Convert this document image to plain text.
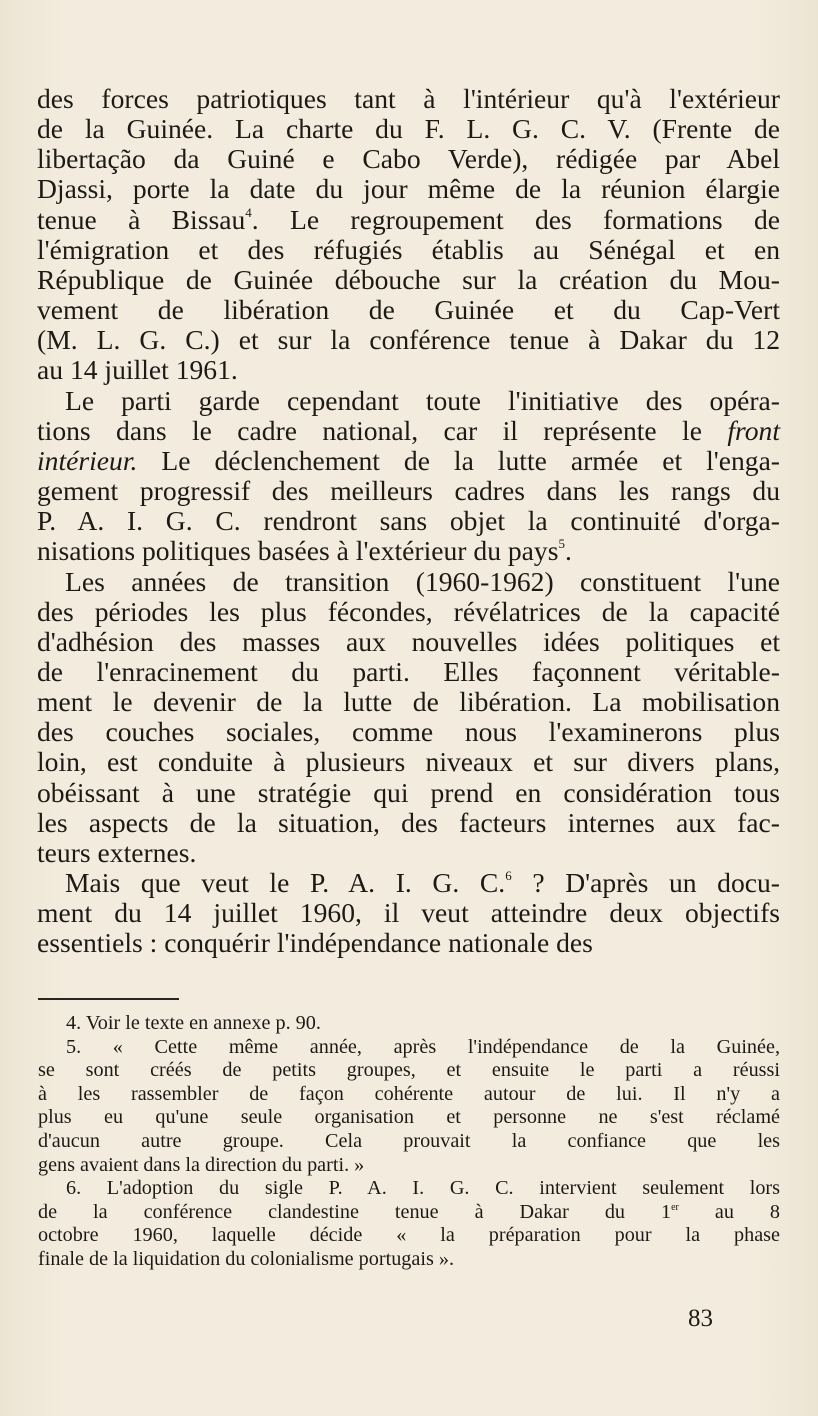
des forces patriotiques tant à l'intérieur qu'à l'extérieur
de la Guinée. La charte du F. L. G. C. V. (Frente de
libertação da Guiné e Cabo Verde), rédigée par Abel
Djassi, porte la date du jour même de la réunion élargie
tenue à Bissau$^4$. Le regroupement des formations de
l'émigration et des réfugiés établis au Sénégal et en
République de Guinée débouche sur la création du Mou-
vement de libération de Guinée et du Cap-Vert
(M. L. G. C.) et sur la conférence tenue à Dakar du 12
au 14 juillet 1961.

Le parti garde cependant toute l'initiative des opéra-
tions dans le cadre national, car il représente le front
intérieur. Le déclenchement de la lutte armée et l'enga-
gement progressif des meilleurs cadres dans les rangs du
P. A. I. G. C. rendront sans objet la continuité d'orga-
nisations politiques basées à l'extérieur du pays$^5$.

Les années de transition (1960-1962) constituent l'une
des périodes les plus fécondes, révélatrices de la capacité
d'adhésion des masses aux nouvelles idées politiques et
de l'enracinement du parti. Elles façonnent véritable-
ment le devenir de la lutte de libération. La mobilisation
des couches sociales, comme nous l'examinerons plus
loin, est conduite à plusieurs niveaux et sur divers plans,
obéissant à une stratégie qui prend en considération tous
les aspects de la situation, des facteurs internes aux fac-
teurs externes.

Mais que veut le P. A. I. G. C.$^6$ ? D'après un docu-
ment du 14 juillet 1960, il veut atteindre deux objectifs
essentiels : conquérir l'indépendance nationale des

4. Voir le texte en annexe p. 90.
5. « Cette même année, après l'indépendance de la Guinée,
se sont créés de petits groupes, et ensuite le parti a réussi
à les rassembler de façon cohérente autour de lui. Il n'y a
plus eu qu'une seule organisation et personne ne s'est réclamé
d'aucun autre groupe. Cela prouvait la confiance que les
gens avaient dans la direction du parti. »
6. L'adoption du sigle P. A. I. G. C. intervient seulement lors
de la conférence clandestine tenue à Dakar du 1er au 8
octobre 1960, laquelle décide « la préparation pour la phase
finale de la liquidation du colonialisme portugais ».
83
